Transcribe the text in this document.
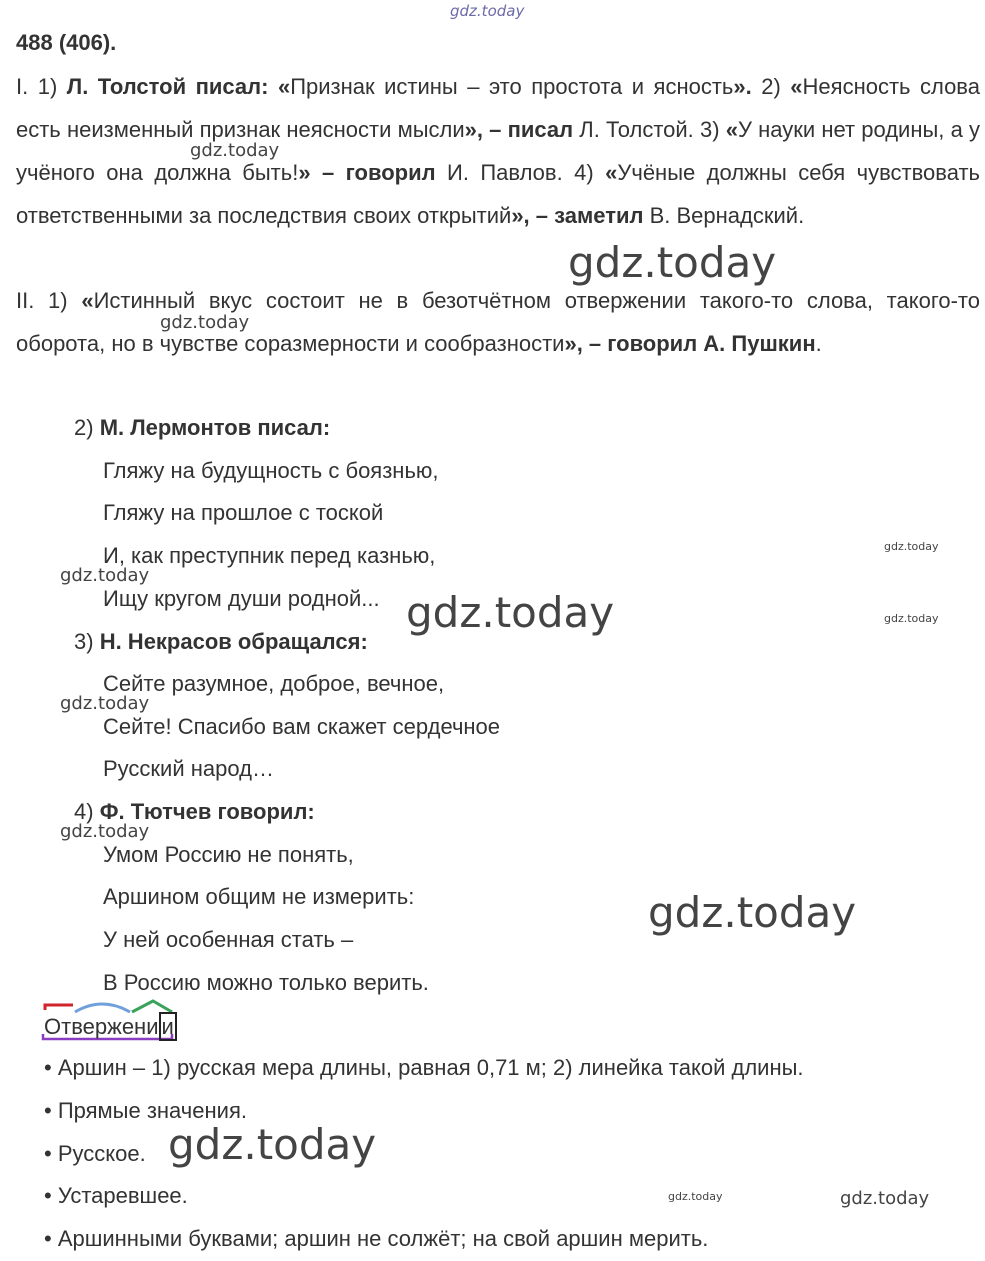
488 (406).

I. 1) Л. Толстой писал: «Признак истины – это простота и ясность». 2) «Неясность слова есть неизменный признак неясности мысли», – писал Л. Толстой. 3) «У науки нет родины, а у учёного она должна быть!» – говорил И. Павлов. 4) «Учёные должны себя чувствовать ответственными за последствия своих открытий», – заметил В. Вернадский.

II. 1) «Истинный вкус состоит не в безотчётном отвержении такого-то слова, такого-то оборота, но в чувстве соразмерности и сообразности», – говорил А. Пушкин.

2) М. Лермонтов писал:
Гляжу на будущность с боязнью,
Гляжу на прошлое с тоской
И, как преступник перед казнью,
Ищу кругом души родной...
3) Н. Некрасов обращался:
Сейте разумное, доброе, вечное,
Сейте! Спасибо вам скажет сердечное
Русский народ…
4) Ф. Тютчев говорил:
Умом Россию не понять,
Аршином общим не измерить:
У ней особенная стать –
В Россию можно только верить.
Отвержени и
• Аршин – 1) русская мера длины, равная 0,71 м; 2) линейка такой длины.
• Прямые значения.
• Русское.
• Устаревшее.
• Аршинными буквами; аршин не солжёт; на свой аршин мерить.
gdz.today
gdz.today
gdz.today
gdz.today
gdz.today
gdz.today
gdz.today	gdz.today
gdz.today
gdz.today
gdz.today
gdz.today
gdz.today	gdz.today
